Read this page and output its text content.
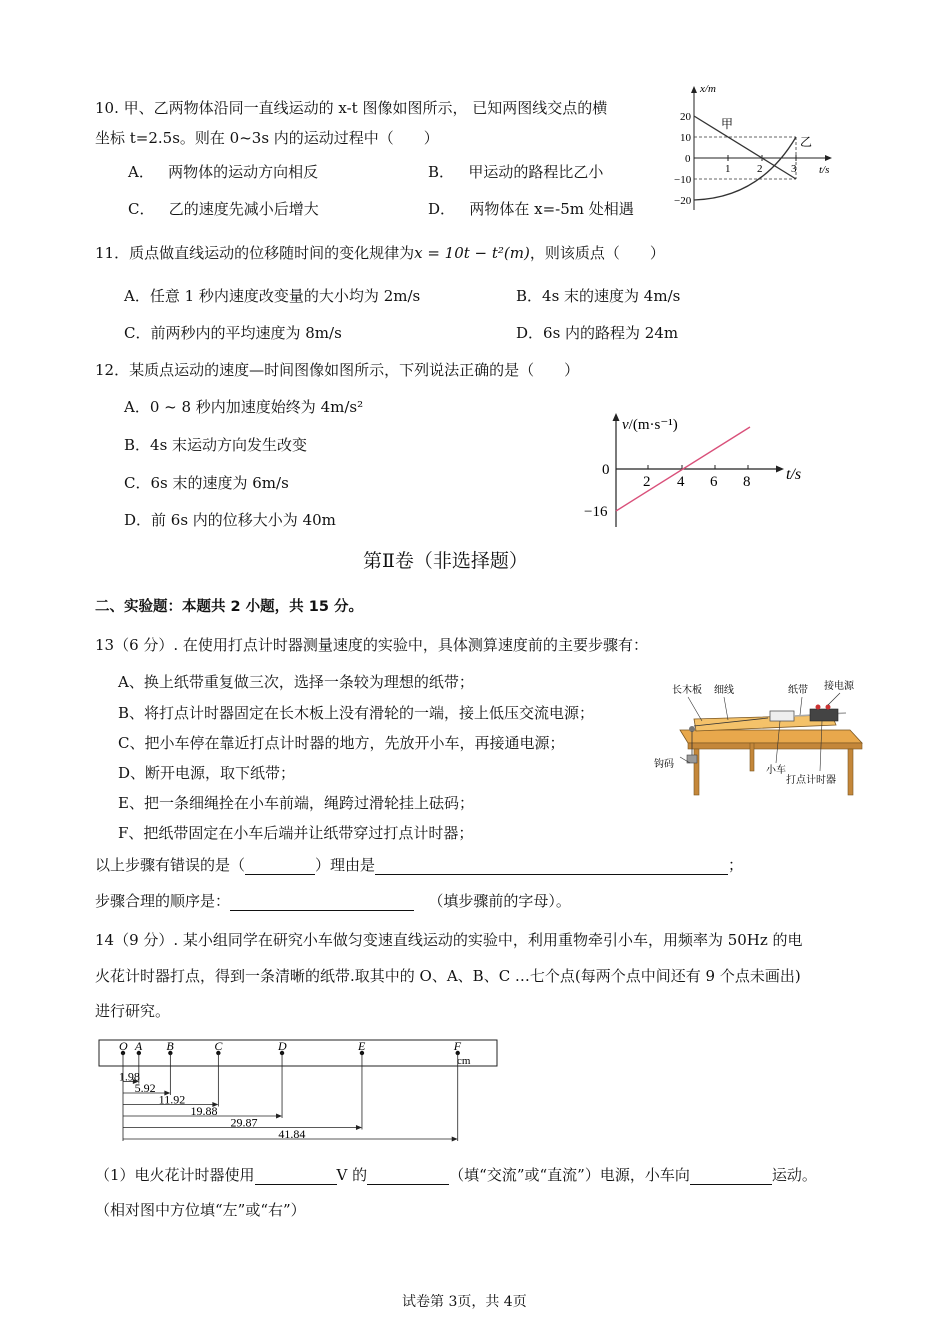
10. 甲、乙两物体沿同一直线运动的 x-t 图像如图所示， 已知两图线交点的横
坐标 t=2.5s。则在 0~3s 内的运动过程中（　　）
A． 两物体的运动方向相反	B． 甲运动的路程比乙小
C． 乙的速度先减小后增大	D． 两物体在 x=-5m 处相遇
x/m
t/s
20
10
0
−10
−20
1 2	3
甲
乙
11．质点做直线运动的位移随时间的变化规律为x = 10t − t²(m)，则该质点（　　）
A．任意 1 秒内速度改变量的大小均为 2m/s	B．4s 末的速度为 4m/s
C．前两秒内的平均速度为 8m/s	D．6s 内的路程为 24m
12．某质点运动的速度—时间图像如图所示，下列说法正确的是（　　）
A．0 ~ 8 秒内加速度始终为 4m/s²
B．4s 末运动方向发生改变
C．6s 末的速度为 6m/s
D．前 6s 内的位移大小为 40m
v/(m·s⁻¹)
t/s
0
2 4 6 8
−16
第Ⅱ卷（非选择题）
二、实验题：本题共 2 小题，共 15 分。
13（6 分）. 在使用打点计时器测量速度的实验中，具体测算速度前的主要步骤有：
A、换上纸带重复做三次，选择一条较为理想的纸带；
B、将打点计时器固定在长木板上没有滑轮的一端，接上低压交流电源；
C、把小车停在靠近打点计时器的地方，先放开小车，再接通电源；
D、断开电源，取下纸带；
E、把一条细绳拴在小车前端，绳跨过滑轮挂上砝码；
F、把纸带固定在小车后端并让纸带穿过打点计时器；
以上步骤有错误的是（	）理由是	；
步骤合理的顺序是：	（填步骤前的字母）。
长木板 细线	纸带 接电源
钩码
小车
打点计时器
14（9 分）. 某小组同学在研究小车做匀变速直线运动的实验中，利用重物牵引小车，用频率为 50Hz 的电
火花计时器打点，得到一条清晰的纸带.取其中的 O、A、B、C …七个点(每两个点中间还有 9 个点未画出)
进行研究。
O A B	C	D	E	F
1.98
5.92
11.92
19.88
29.87
41.84
cm
（1）电火花计时器使用	V 的	（填“交流”或“直流”）电源，小车向	运动。
（相对图中方位填“左”或“右”）
试卷第 3页，共 4页
